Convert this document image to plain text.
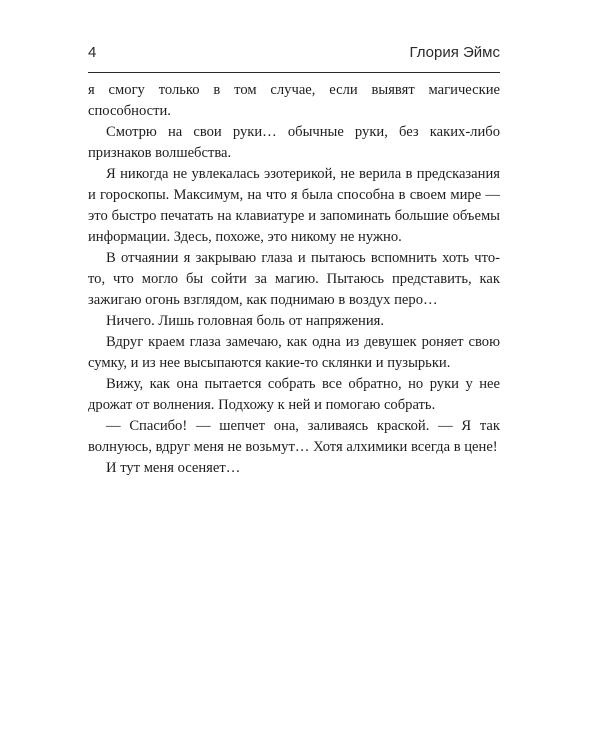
4	Глория Эймс

я смогу только в том случае, если выявят магические способности.

Смотрю на свои руки… обычные руки, без каких-либо признаков волшебства.

Я никогда не увлекалась эзотерикой, не верила в предсказания и гороскопы. Максимум, на что я была способна в своем мире — это быстро печатать на клавиатуре и запоминать большие объемы информации. Здесь, похоже, это никому не нужно.

В отчаянии я закрываю глаза и пытаюсь вспомнить хоть что-то, что могло бы сойти за магию. Пытаюсь представить, как зажигаю огонь взглядом, как поднимаю в воздух перо…

Ничего. Лишь головная боль от напряжения.

Вдруг краем глаза замечаю, как одна из девушек роняет свою сумку, и из нее высыпаются какие-то склянки и пузырьки.

Вижу, как она пытается собрать все обратно, но руки у нее дрожат от волнения. Подхожу к ней и помогаю собрать.

— Спасибо! — шепчет она, заливаясь краской. — Я так волнуюсь, вдруг меня не возьмут… Хотя алхимики всегда в цене!

И тут меня осеняет…
